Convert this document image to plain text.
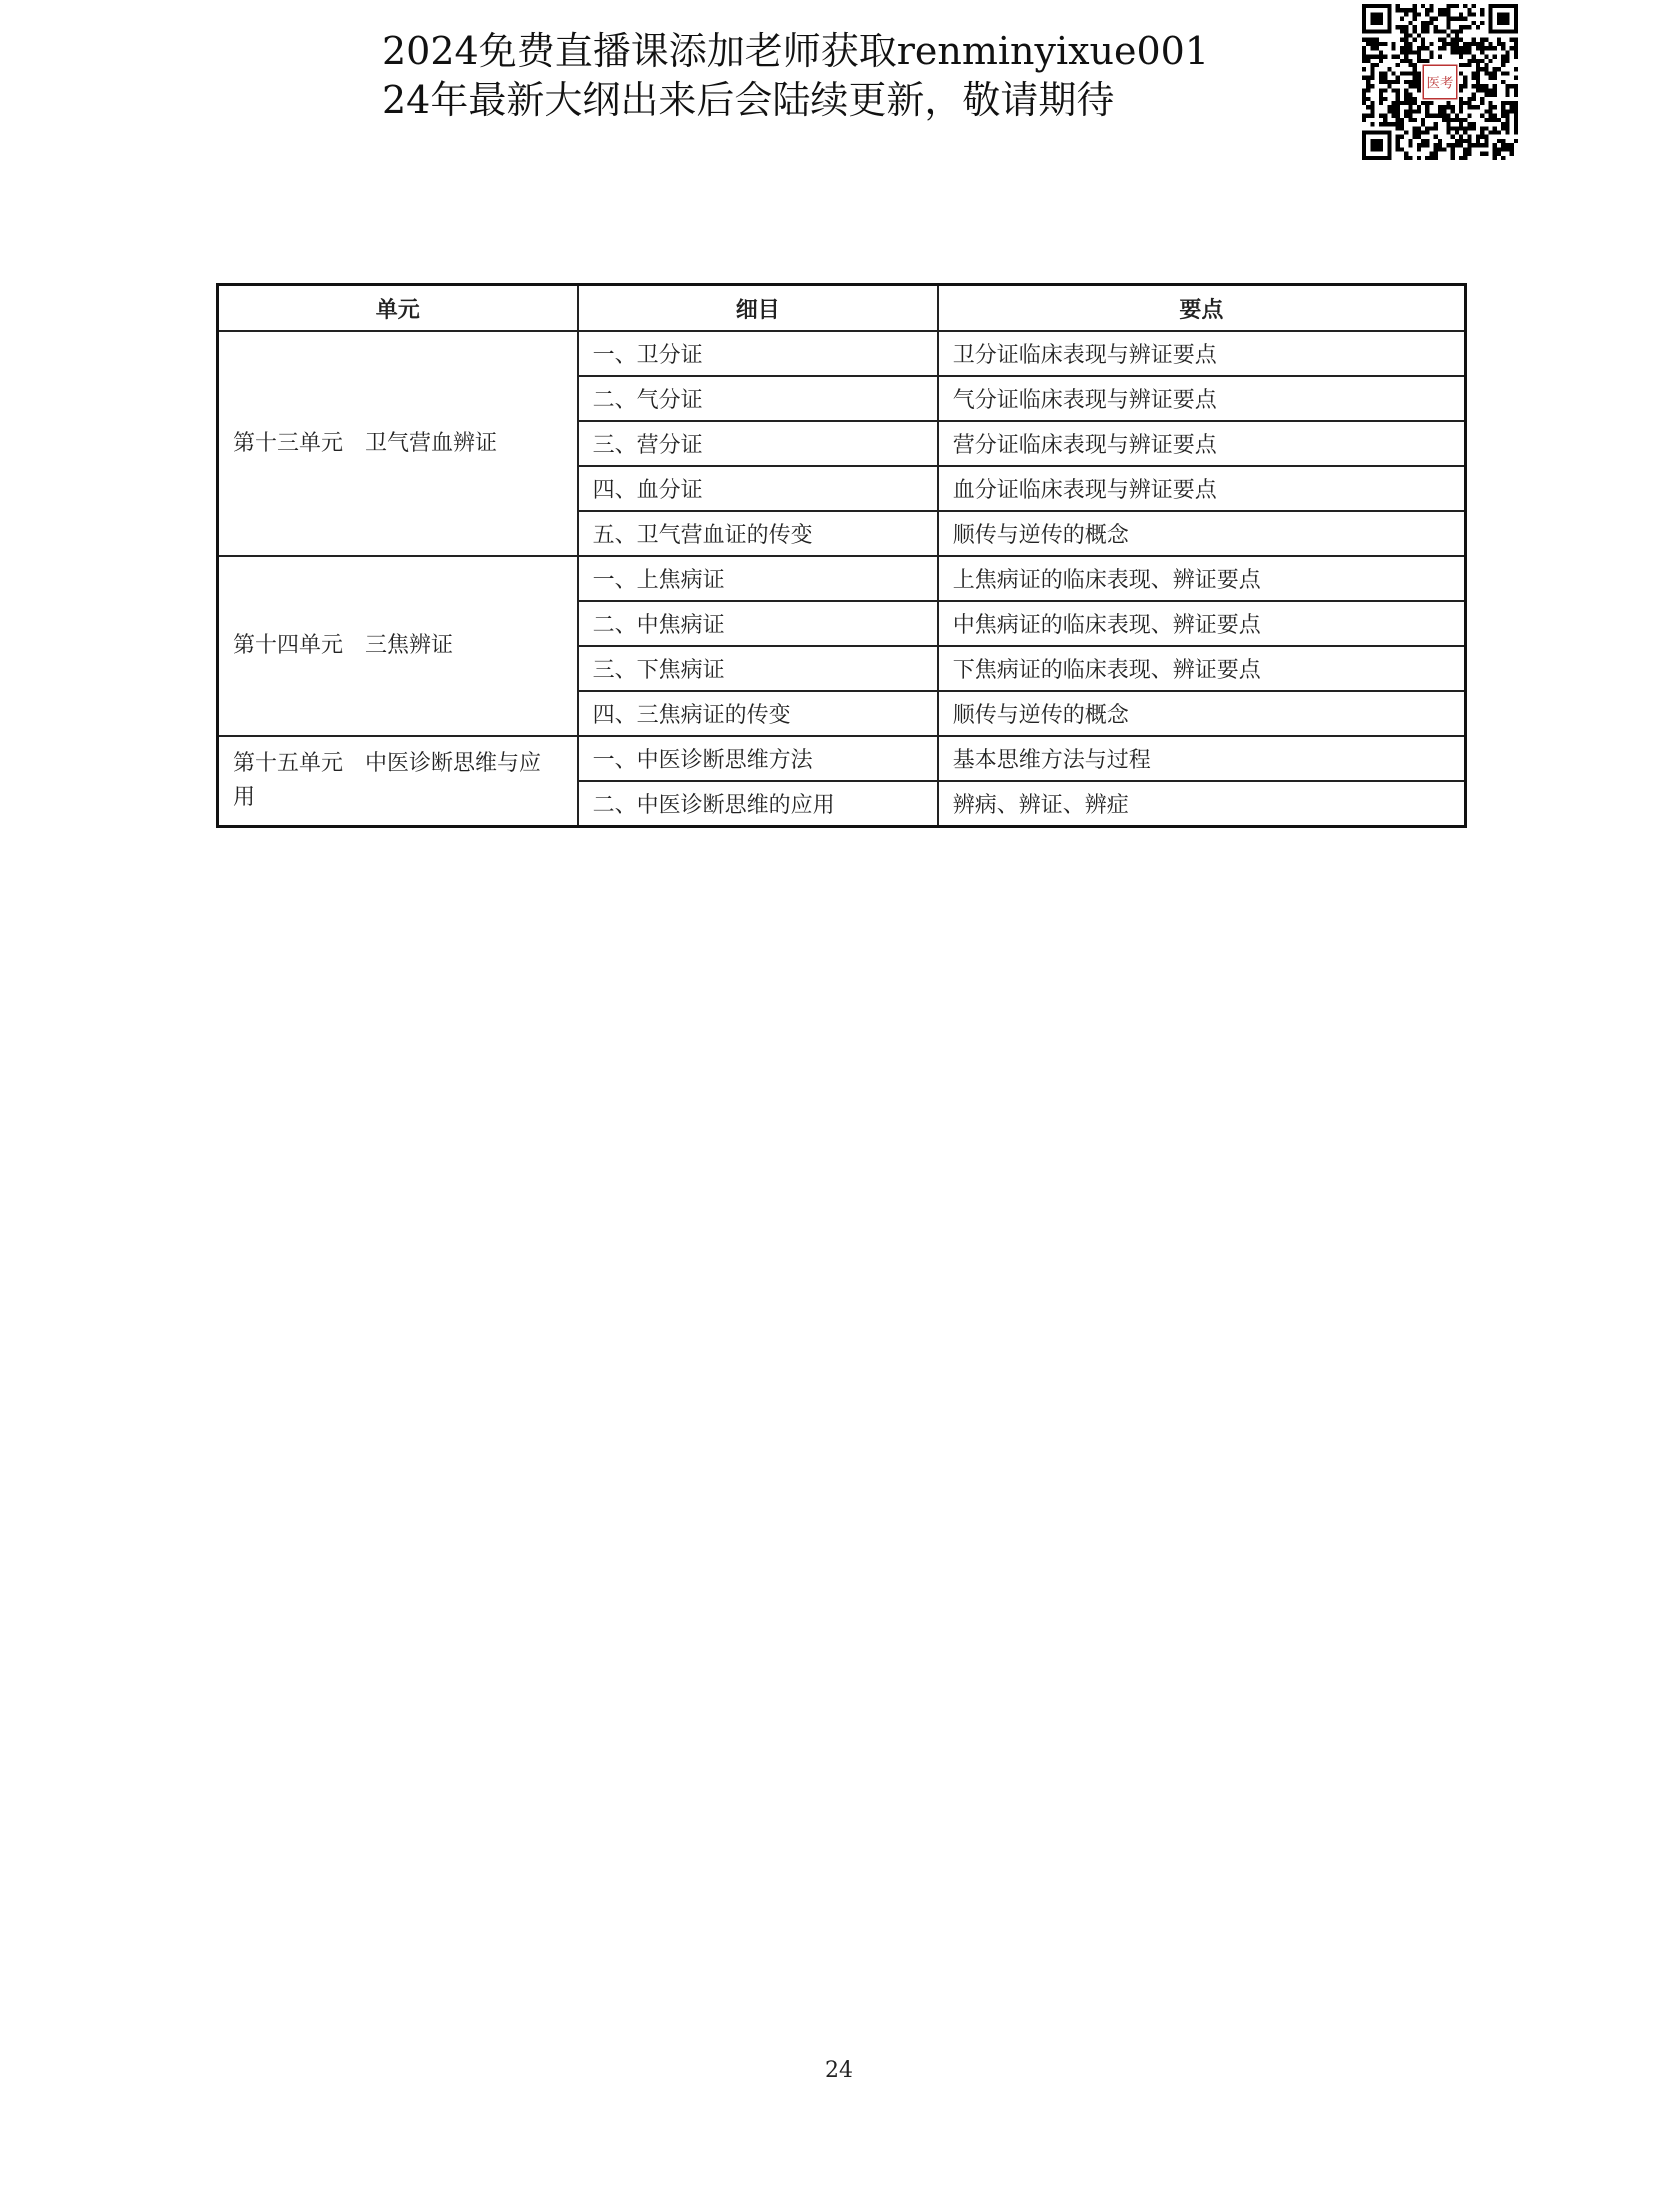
2024免费直播课添加老师获取renminyixue001
24年最新大纲出来后会陆续更新，敬请期待	医考
单元	细目	要点
第十三单元 卫气营血辨证	一、卫分证	卫分证临床表现与辨证要点
	二、气分证	气分证临床表现与辨证要点
	三、营分证	营分证临床表现与辨证要点
	四、血分证	血分证临床表现与辨证要点
	五、卫气营血证的传变	顺传与逆传的概念
第十四单元 三焦辨证	一、上焦病证	上焦病证的临床表现、辨证要点
	二、中焦病证	中焦病证的临床表现、辨证要点
	三、下焦病证	下焦病证的临床表现、辨证要点
	四、三焦病证的传变	顺传与逆传的概念
第十五单元 中医诊断思维与应用	一、中医诊断思维方法	基本思维方法与过程
	二、中医诊断思维的应用	辨病、辨证、辨症
24
